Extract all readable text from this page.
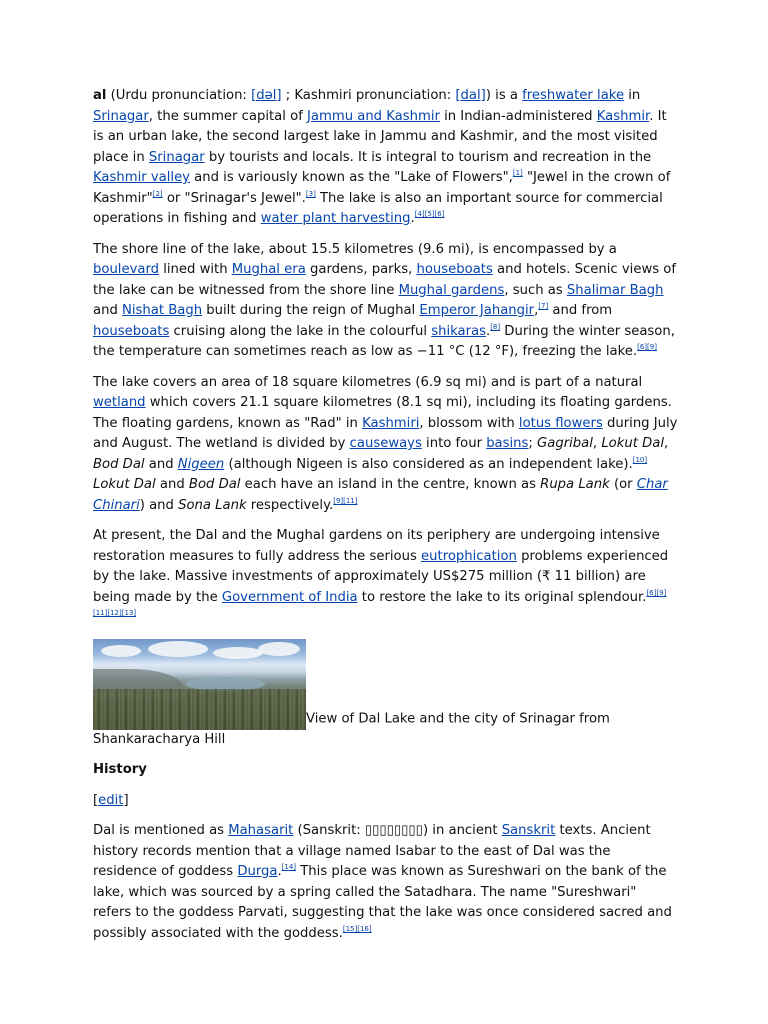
al (Urdu pronunciation: [dəl] ; Kashmiri pronunciation: [dal]) is a freshwater lake in Srinagar, the summer capital of Jammu and Kashmir in Indian-administered Kashmir. It is an urban lake, the second largest lake in Jammu and Kashmir, and the most visited place in Srinagar by tourists and locals. It is integral to tourism and recreation in the Kashmir valley and is variously known as the "Lake of Flowers",[1] "Jewel in the crown of Kashmir"[2] or "Srinagar's Jewel".[3] The lake is also an important source for commercial operations in fishing and water plant harvesting.[4][5][6]

The shore line of the lake, about 15.5 kilometres (9.6 mi), is encompassed by a boulevard lined with Mughal era gardens, parks, houseboats and hotels. Scenic views of the lake can be witnessed from the shore line Mughal gardens, such as Shalimar Bagh and Nishat Bagh built during the reign of Mughal Emperor Jahangir,[7] and from houseboats cruising along the lake in the colourful shikaras.[8] During the winter season, the temperature can sometimes reach as low as −11 °C (12 °F), freezing the lake.[6][9]

The lake covers an area of 18 square kilometres (6.9 sq mi) and is part of a natural wetland which covers 21.1 square kilometres (8.1 sq mi), including its floating gardens. The floating gardens, known as "Rad" in Kashmiri, blossom with lotus flowers during July and August. The wetland is divided by causeways into four basins; Gagribal, Lokut Dal, Bod Dal and Nigeen (although Nigeen is also considered as an independent lake).[10] Lokut Dal and Bod Dal each have an island in the centre, known as Rupa Lank (or Char Chinari) and Sona Lank respectively.[9][11]

At present, the Dal and the Mughal gardens on its periphery are undergoing intensive restoration measures to fully address the serious eutrophication problems experienced by the lake. Massive investments of approximately US$275 million (₹ 11 billion) are being made by the Government of India to restore the lake to its original splendour.[6][9][11][12][13]

View of Dal Lake and the city of Srinagar from Shankaracharya Hill
History

[edit]

Dal is mentioned as Mahasarit (Sanskrit: ▯▯▯▯▯▯▯▯) in ancient Sanskrit texts. Ancient history records mention that a village named Isabar to the east of Dal was the residence of goddess Durga.[14] This place was known as Sureshwari on the bank of the lake, which was sourced by a spring called the Satadhara. The name "Sureshwari" refers to the goddess Parvati, suggesting that the lake was once considered sacred and possibly associated with the goddess.[15][16]
